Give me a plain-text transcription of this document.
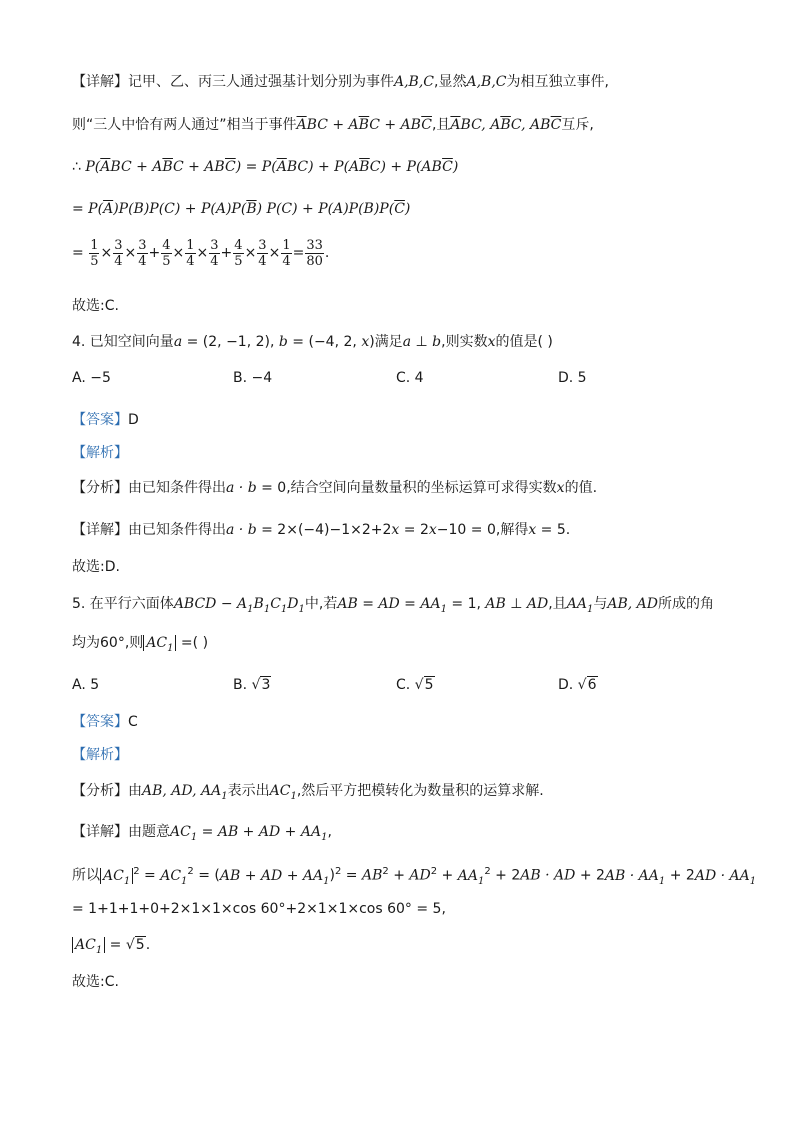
【详解】记甲、乙、丙三人通过强基计划分别为事件A,B,C,显然A,B,C为相互独立事件,
则“三人中恰有两人通过”相当于事件$\overline{A}BC + A\overline{B}C + AB\overline{C}$,且$\overline{A}BC$, $A\overline{B}C$, $AB\overline{C}$互斥,
∴ $P(\overline{A}BC + A\overline{B}C + AB\overline{C}) = P(\overline{A}BC) + P(A\overline{B}C) + P(AB\overline{C})$
= $P(\overline{A})P(B)P(C) + P(A)P(\overline{B}) P(C) + P(A)P(B)P(\overline{C})$
= $\frac{1}{5} \times \frac{3}{4} \times \frac{3}{4} + \frac{4}{5} \times \frac{1}{4} \times \frac{3}{4} + \frac{4}{5} \times \frac{3}{4} \times \frac{1}{4} = \frac{33}{80}$ .
故选:C.
4. 已知空间向量a = (2, −1, 2), b = (−4, 2, x)满足a ⊥ b,则实数x的值是( )
A. −5	B. −4	C. 4	D. 5
【答案】D
【解析】
【分析】由已知条件得出a · b = 0,结合空间向量数量积的坐标运算可求得实数x的值.
【详解】由已知条件得出a · b = 2×(−4)−1×2+2x = 2x−10 = 0,解得x = 5.
故选:D.
5. 在平行六面体ABCD − $A_1B_1C_1D_1$中,若AB = AD = $AA_1 = 1$, AB ⊥ AD,且$AA_1$与AB, AD所成的角
均为60°,则 $AC_1$ =( )
A. 5	B. √3	C. √5	D. √6
【答案】C
【解析】
【分析】由AB, AD, $AA_1$表示出$AC_1$,然后平方把模转化为数量积的运算求解.
【详解】由题意$AC_1$ = AB + AD + $AA_1$,
所以 $AC_1^2 = AC_1^2 = (AB$ + AD + $AA_1)^2 = AB^2 + AD^2 + AA_1^2 + 2AB$ · AD + $2AB \cdot AA_1 + 2AD \cdot AA_1$
= 1+1+1+0+2×1×1×cos 60°+2×1×1×cos 60° = 5,
$AC_1 = √5$.
故选:C.
